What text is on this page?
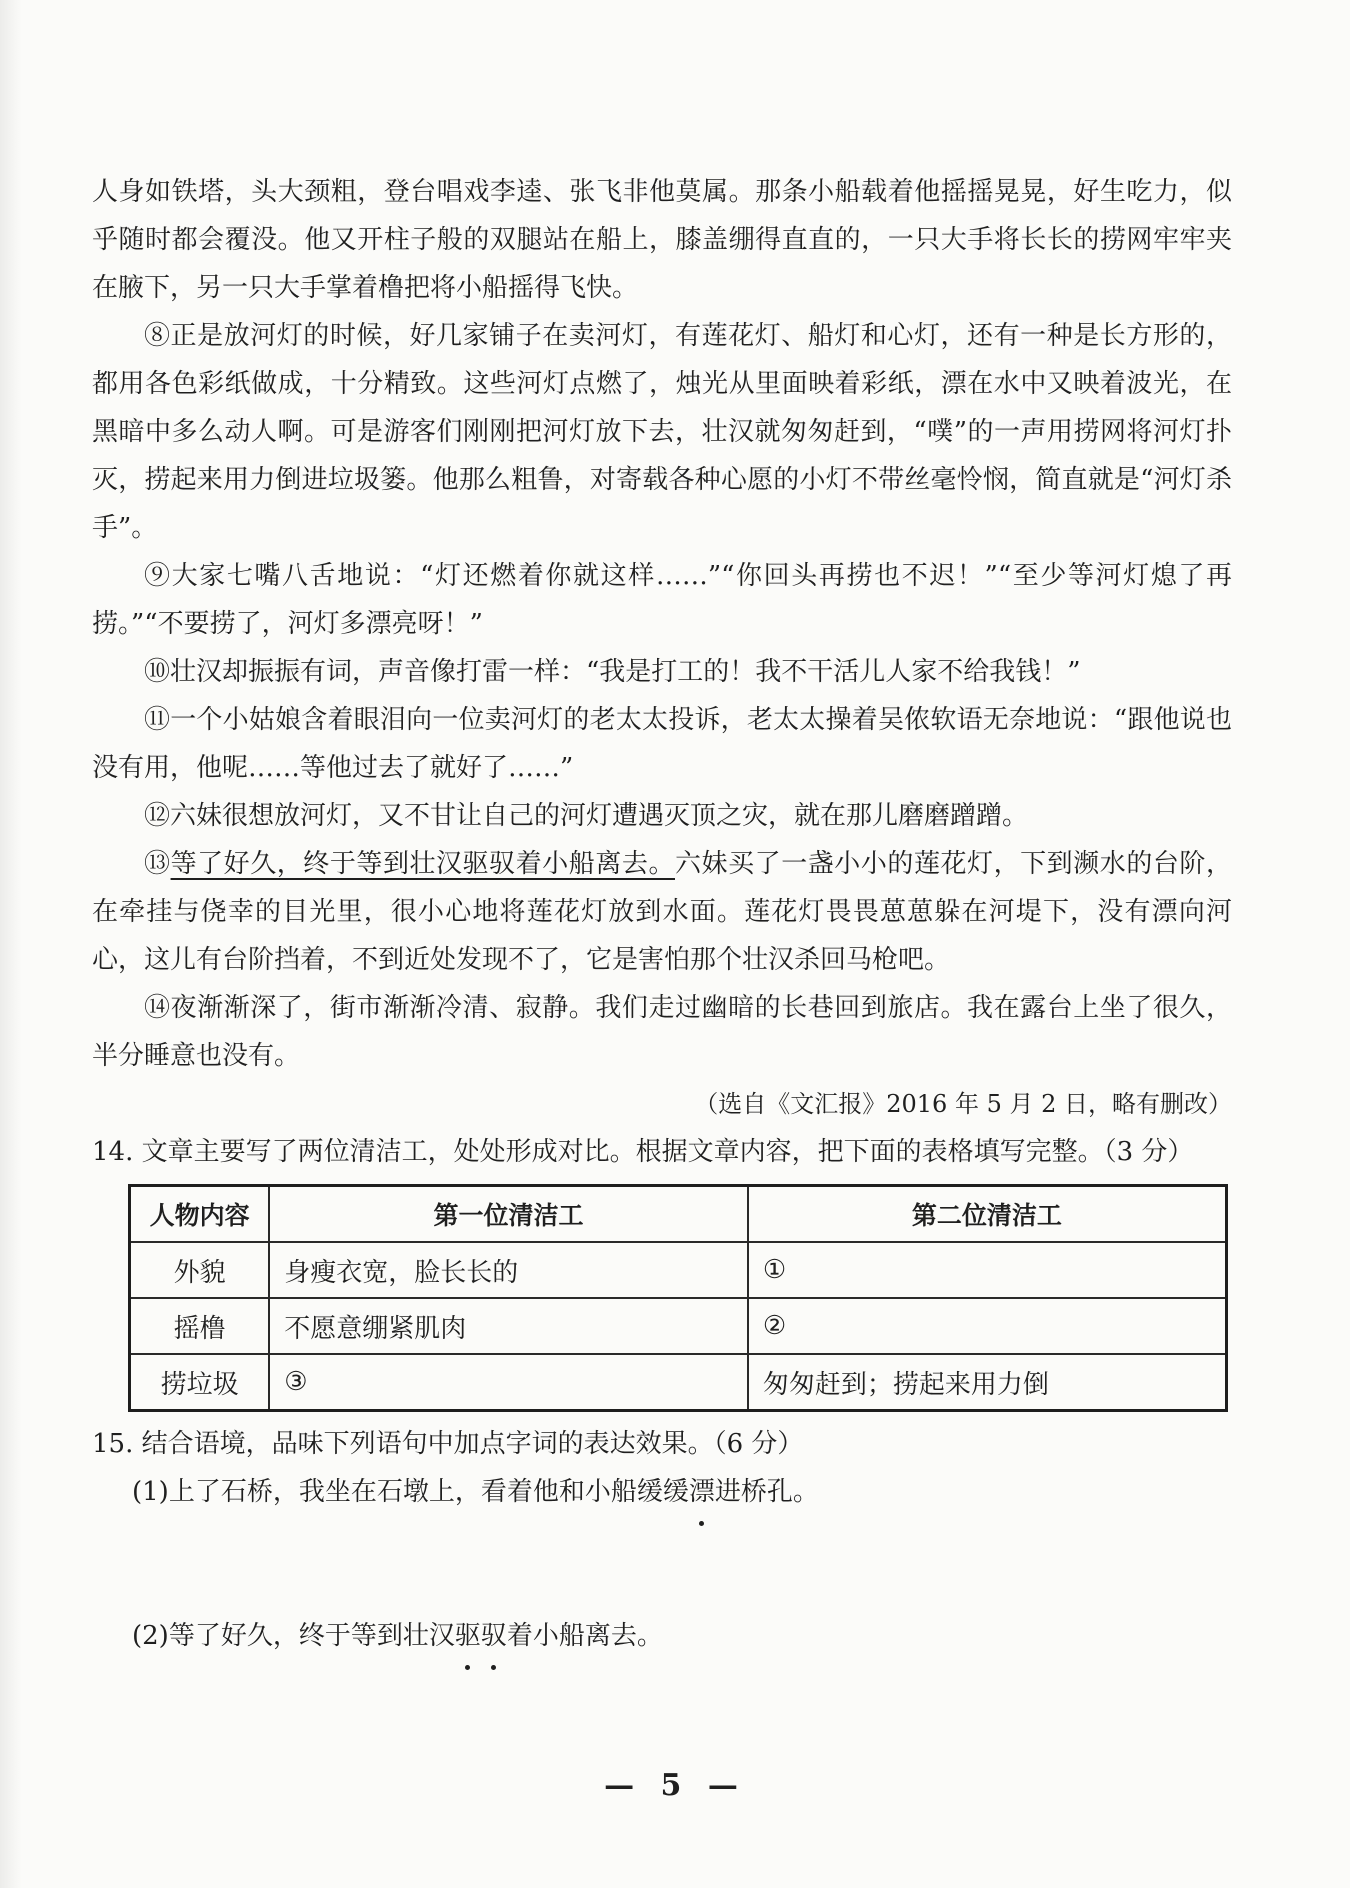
人身如铁塔，头大颈粗，登台唱戏李逵、张飞非他莫属。那条小船载着他摇摇晃晃，好生吃力，似乎随时都会覆没。他又开柱子般的双腿站在船上，膝盖绷得直直的，一只大手将长长的捞网牢牢夹在腋下，另一只大手掌着橹把将小船摇得飞快。

⑧正是放河灯的时候，好几家铺子在卖河灯，有莲花灯、船灯和心灯，还有一种是长方形的，都用各色彩纸做成，十分精致。这些河灯点燃了，烛光从里面映着彩纸，漂在水中又映着波光，在黑暗中多么动人啊。可是游客们刚刚把河灯放下去，壮汉就匆匆赶到，“噗”的一声用捞网将河灯扑灭，捞起来用力倒进垃圾篓。他那么粗鲁，对寄载各种心愿的小灯不带丝毫怜悯，简直就是“河灯杀手”。

⑨大家七嘴八舌地说：“灯还燃着你就这样……”“你回头再捞也不迟！”“至少等河灯熄了再捞。”“不要捞了，河灯多漂亮呀！”

⑩壮汉却振振有词，声音像打雷一样：“我是打工的！我不干活儿人家不给我钱！”

⑪一个小姑娘含着眼泪向一位卖河灯的老太太投诉，老太太操着吴侬软语无奈地说：“跟他说也没有用，他呢……等他过去了就好了……”

⑫六妹很想放河灯，又不甘让自己的河灯遭遇灭顶之灾，就在那儿磨磨蹭蹭。

⑬等了好久，终于等到壮汉驱驭着小船离去。六妹买了一盏小小的莲花灯，下到濒水的台阶，在牵挂与侥幸的目光里，很小心地将莲花灯放到水面。莲花灯畏畏葸葸躲在河堤下，没有漂向河心，这儿有台阶挡着，不到近处发现不了，它是害怕那个壮汉杀回马枪吧。

⑭夜渐渐深了，街市渐渐冷清、寂静。我们走过幽暗的长巷回到旅店。我在露台上坐了很久，半分睡意也没有。

（选自《文汇报》2016 年 5 月 2 日，略有删改）

14. 文章主要写了两位清洁工，处处形成对比。根据文章内容，把下面的表格填写完整。（3 分）

人物内容	第一位清洁工	第二位清洁工
外貌	身瘦衣宽，脸长长的	①
摇橹	不愿意绷紧肌肉	②
捞垃圾	③	匆匆赶到；捞起来用力倒

15. 结合语境，品味下列语句中加点字词的表达效果。（6 分）

(1)上了石桥，我坐在石墩上，看着他和小船缓缓漂进桥孔。

(2)等了好久，终于等到壮汉驱驭着小船离去。

— 5 —
